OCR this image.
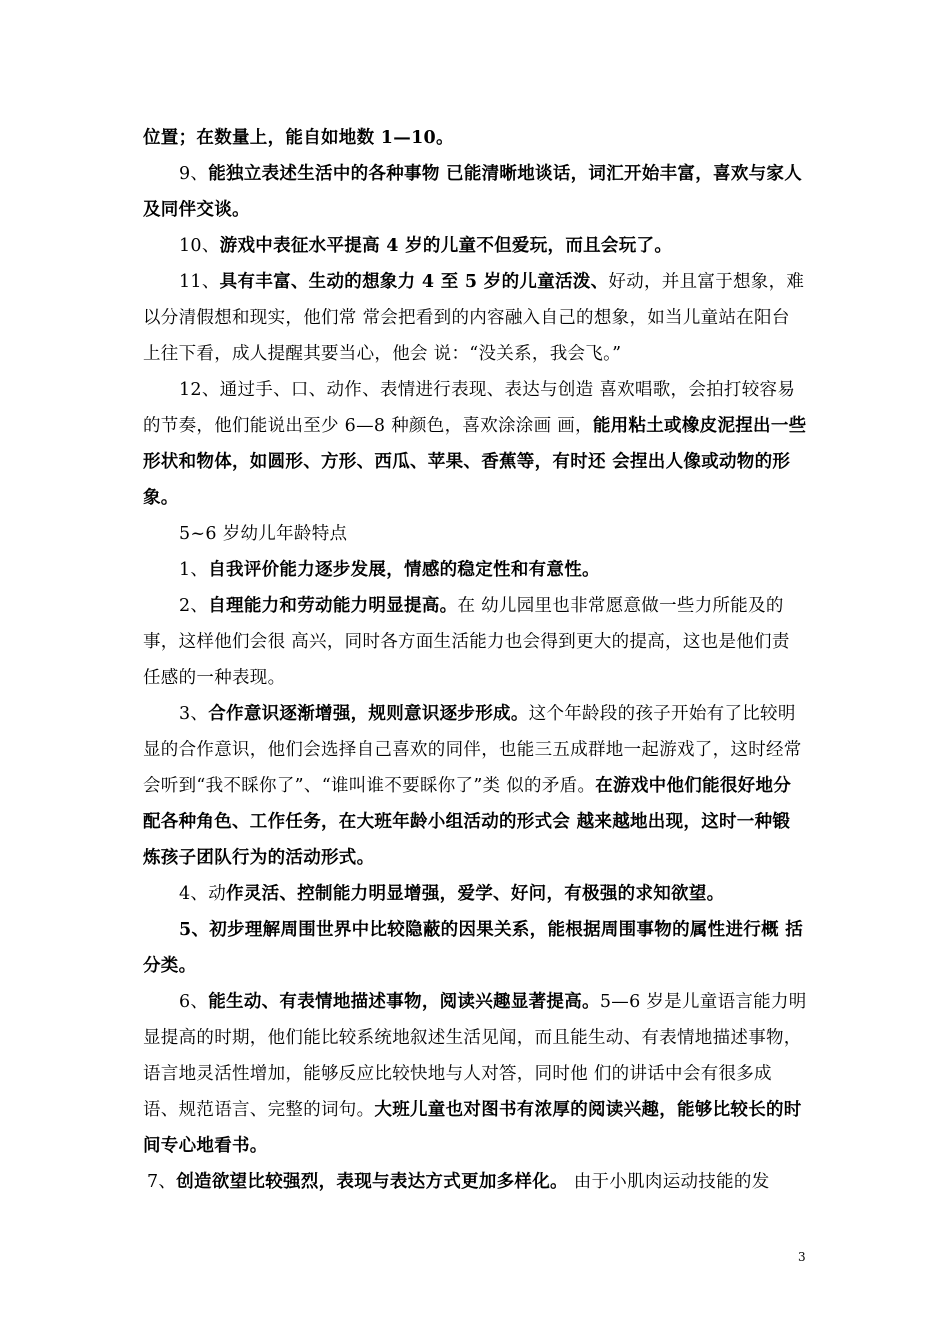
位置；在数量上，能自如地数 1—10。

9、能独立表述生活中的各种事物 已能清晰地谈话，词汇开始丰富，喜欢与家人及同伴交谈。

10、游戏中表征水平提高 4 岁的儿童不但爱玩，而且会玩了。

11、具有丰富、生动的想象力 4 至 5 岁的儿童活泼、好动，并且富于想象，难以分清假想和现实，他们常 常会把看到的内容融入自己的想象，如当儿童站在阳台上往下看，成人提醒其要当心，他会 说：“没关系，我会飞。”

12、通过手、口、动作、表情进行表现、表达与创造 喜欢唱歌，会拍打较容易的节奏，他们能说出至少 6—8 种颜色，喜欢涂涂画 画，能用粘土或橡皮泥捏出一些形状和物体，如圆形、方形、西瓜、苹果、香蕉等，有时还 会捏出人像或动物的形象。

5~6 岁幼儿年龄特点

1、自我评价能力逐步发展，情感的稳定性和有意性。

2、自理能力和劳动能力明显提高。在 幼儿园里也非常愿意做一些力所能及的事，这样他们会很 高兴，同时各方面生活能力也会得到更大的提高，这也是他们责任感的一种表现。

3、合作意识逐渐增强，规则意识逐步形成。这个年龄段的孩子开始有了比较明显的合作意识，他们会选择自己喜欢的同伴，也能三五成群地一起游戏了，这时经常会听到“我不睬你了”、“谁叫谁不要睬你了”类 似的矛盾。在游戏中他们能很好地分配各种角色、工作任务，在大班年龄小组活动的形式会 越来越地出现，这时一种锻炼孩子团队行为的活动形式。

4、动作灵活、控制能力明显增强，爱学、好问，有极强的求知欲望。

5、初步理解周围世界中比较隐蔽的因果关系，能根据周围事物的属性进行概 括分类。

6、能生动、有表情地描述事物，阅读兴趣显著提高。5—6 岁是儿童语言能力明显提高的时期，他们能比较系统地叙述生活见闻，而且能生动、有表情地描述事物，语言地灵活性增加，能够反应比较快地与人对答，同时他 们的讲话中会有很多成语、规范语言、完整的词句。大班儿童也对图书有浓厚的阅读兴趣，能够比较长的时间专心地看书。

7、创造欲望比较强烈，表现与表达方式更加多样化。 由于小肌肉运动技能的发

3
